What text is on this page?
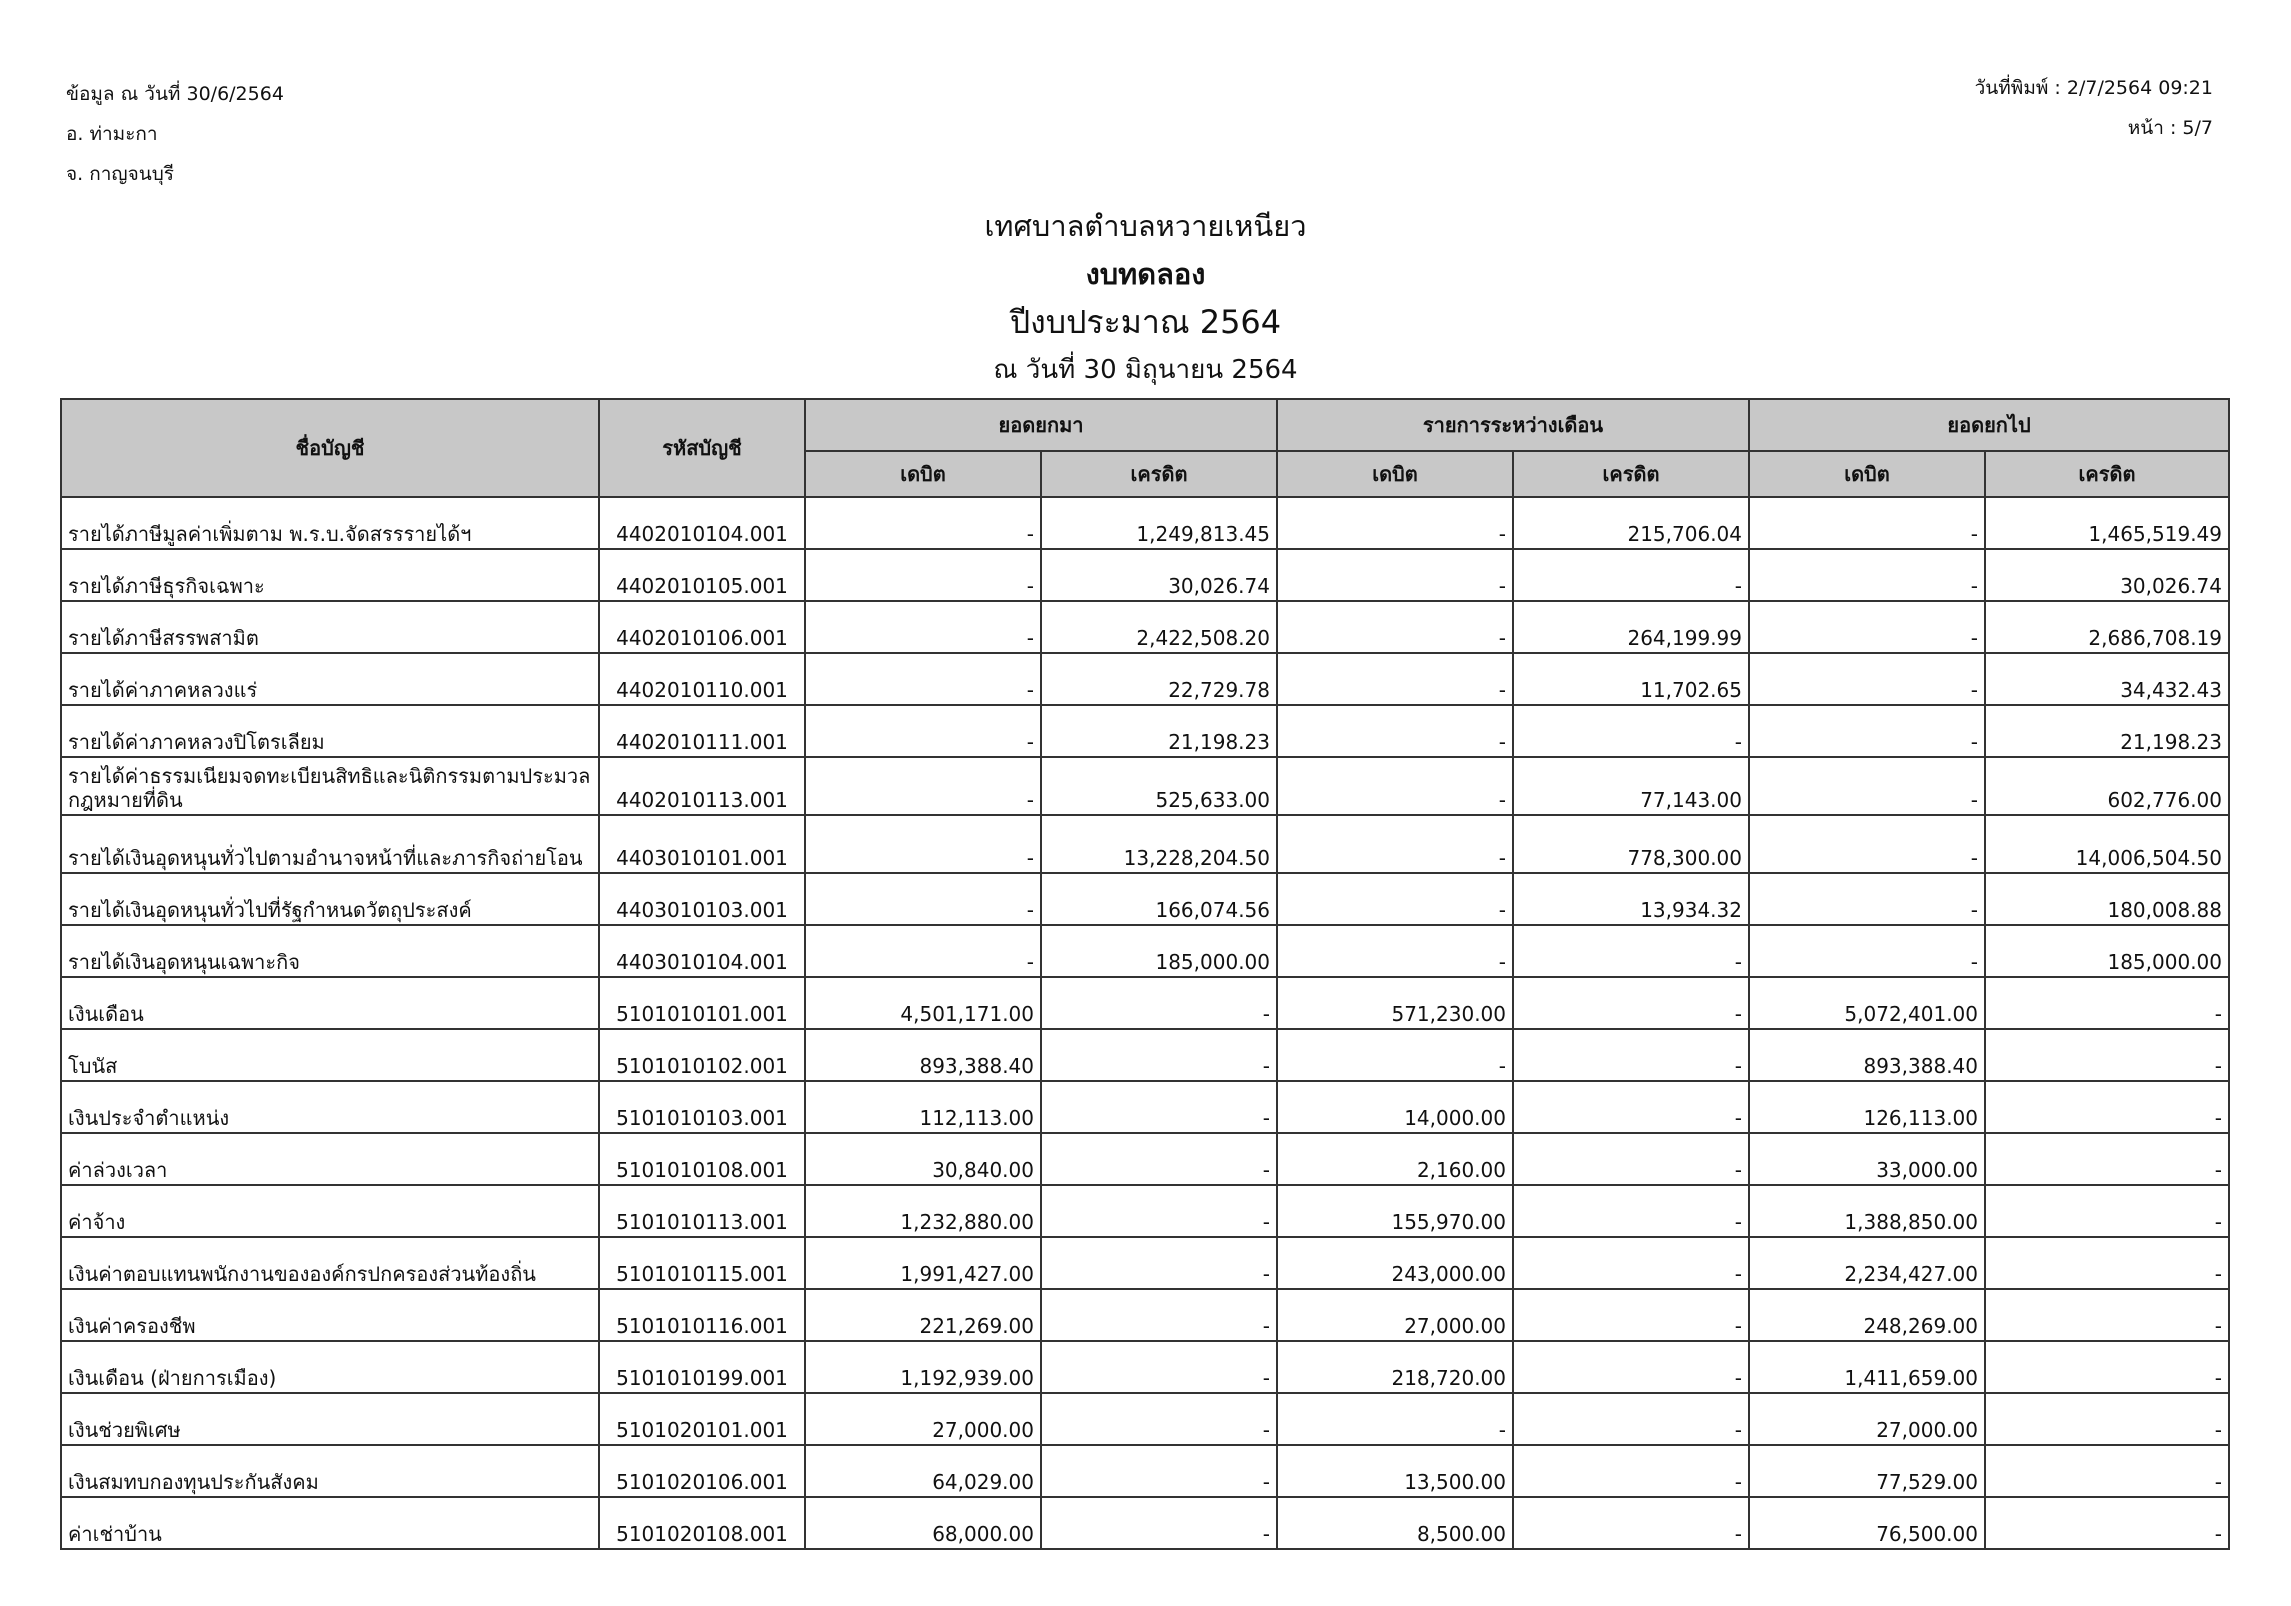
ข้อมูล ณ วันที่ 30/6/2564
อ. ท่ามะกา
จ. กาญจนบุรี
วันที่พิมพ์ : 2/7/2564 09:21
หน้า : 5/7
เทศบาลตำบลหวายเหนียว
งบทดลอง
ปีงบประมาณ 2564
ณ วันที่ 30 มิถุนายน 2564
ชื่อบัญชี	รหัสบัญชี	ยอดยกมา		รายการระหว่างเดือน		ยอดยกไป	
		เดบิต	เครดิต	เดบิต	เครดิต	เดบิต	เครดิต
รายได้ภาษีมูลค่าเพิ่มตาม พ.ร.บ.จัดสรรรายได้ฯ	4402010104.001	-	1,249,813.45	-	215,706.04	-	1,465,519.49
รายได้ภาษีธุรกิจเฉพาะ	4402010105.001	-	30,026.74	-	-	-	30,026.74
รายได้ภาษีสรรพสามิต	4402010106.001	-	2,422,508.20	-	264,199.99	-	2,686,708.19
รายได้ค่าภาคหลวงแร่	4402010110.001	-	22,729.78	-	11,702.65	-	34,432.43
รายได้ค่าภาคหลวงปิโตรเลียม	4402010111.001	-	21,198.23	-	-	-	21,198.23
รายได้ค่าธรรมเนียมจดทะเบียนสิทธิและนิติกรรมตามประมวลกฎหมายที่ดิน	4402010113.001	-	525,633.00	-	77,143.00	-	602,776.00
รายได้เงินอุดหนุนทั่วไปตามอำนาจหน้าที่และภารกิจถ่ายโอน	4403010101.001	-	13,228,204.50	-	778,300.00	-	14,006,504.50
รายได้เงินอุดหนุนทั่วไปที่รัฐกำหนดวัตถุประสงค์	4403010103.001	-	166,074.56	-	13,934.32	-	180,008.88
รายได้เงินอุดหนุนเฉพาะกิจ	4403010104.001	-	185,000.00	-	-	-	185,000.00
เงินเดือน	5101010101.001	4,501,171.00	-	571,230.00	-	5,072,401.00	-
โบนัส	5101010102.001	893,388.40	-	-	-	893,388.40	-
เงินประจำตำแหน่ง	5101010103.001	112,113.00	-	14,000.00	-	126,113.00	-
ค่าล่วงเวลา	5101010108.001	30,840.00	-	2,160.00	-	33,000.00	-
ค่าจ้าง	5101010113.001	1,232,880.00	-	155,970.00	-	1,388,850.00	-
เงินค่าตอบแทนพนักงานขององค์กรปกครองส่วนท้องถิ่น	5101010115.001	1,991,427.00	-	243,000.00	-	2,234,427.00	-
เงินค่าครองชีพ	5101010116.001	221,269.00	-	27,000.00	-	248,269.00	-
เงินเดือน (ฝ่ายการเมือง)	5101010199.001	1,192,939.00	-	218,720.00	-	1,411,659.00	-
เงินช่วยพิเศษ	5101020101.001	27,000.00	-	-	-	27,000.00	-
เงินสมทบกองทุนประกันสังคม	5101020106.001	64,029.00	-	13,500.00	-	77,529.00	-
ค่าเช่าบ้าน	5101020108.001	68,000.00	-	8,500.00	-	76,500.00	-
